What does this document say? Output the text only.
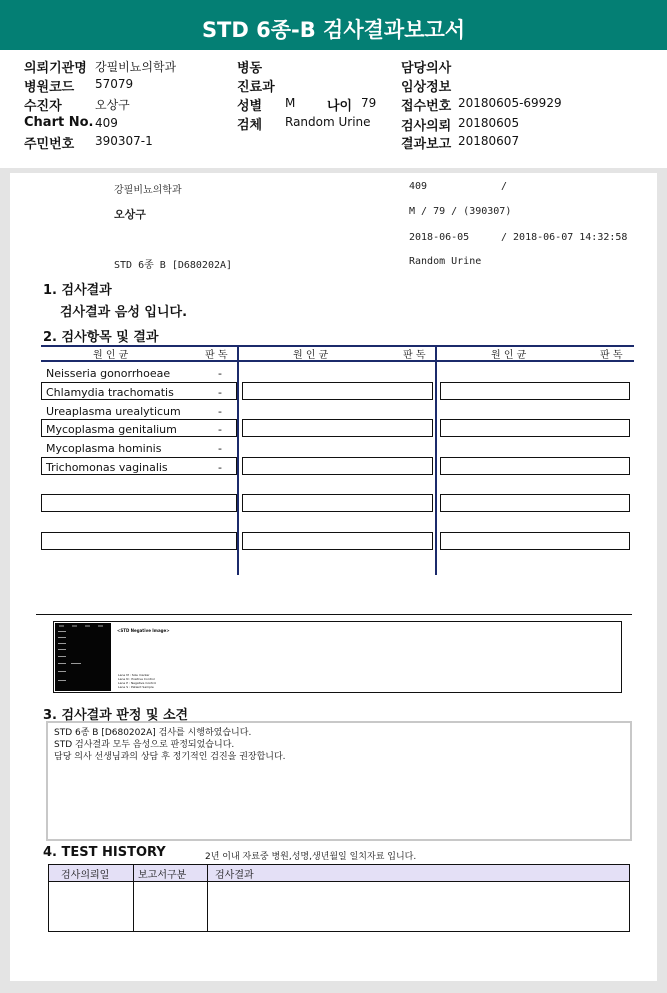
STD 6종-B 검사결과보고서
의뢰기관명 강필비뇨의학과
병원코드 57079
수진자	오상구
Chart No. 409
주민번호 390307-1
병동
진료과
성별 M 나이 79
검체 Random Urine
담당의사
임상정보
접수번호 20180605-69929
검사의뢰 20180605
결과보고 20180607
강필비뇨의학과
오상구
STD 6종 B [D680202A]
409	/
M / 79 / (390307)
2018-06-05	/ 2018-06-07 14:32:58
Random Urine
1. 검사결과
검사결과 음성 입니다.
2. 검사항목 및 결과
원 인 균	판 독	원 인 균	판 독	원 인 균	판 독
Neisseria gonorrhoeae	-
Chlamydia trachomatis	-
Ureaplasma urealyticum	-
Mycoplasma genitalium	-
Mycoplasma hominis	-
Trichomonas vaginalis	-
<STD Negative Image>
Lane M : Size marker
Lane N : Positive Control
Lane P : Negative Control
Lane S : Patient Sample
3. 검사결과 판정 및 소견
STD 6종 B [D680202A] 검사를 시행하였습니다.
STD 검사결과 모두 음성으로 판정되었습니다.
담당 의사 선생님과의 상담 후 정기적인 검진을 권장합니다.
4. TEST HISTORY	2년 이내 자료중 병원,성명,생년월일 일치자료 입니다.
검사의뢰일	보고서구분	검사결과
